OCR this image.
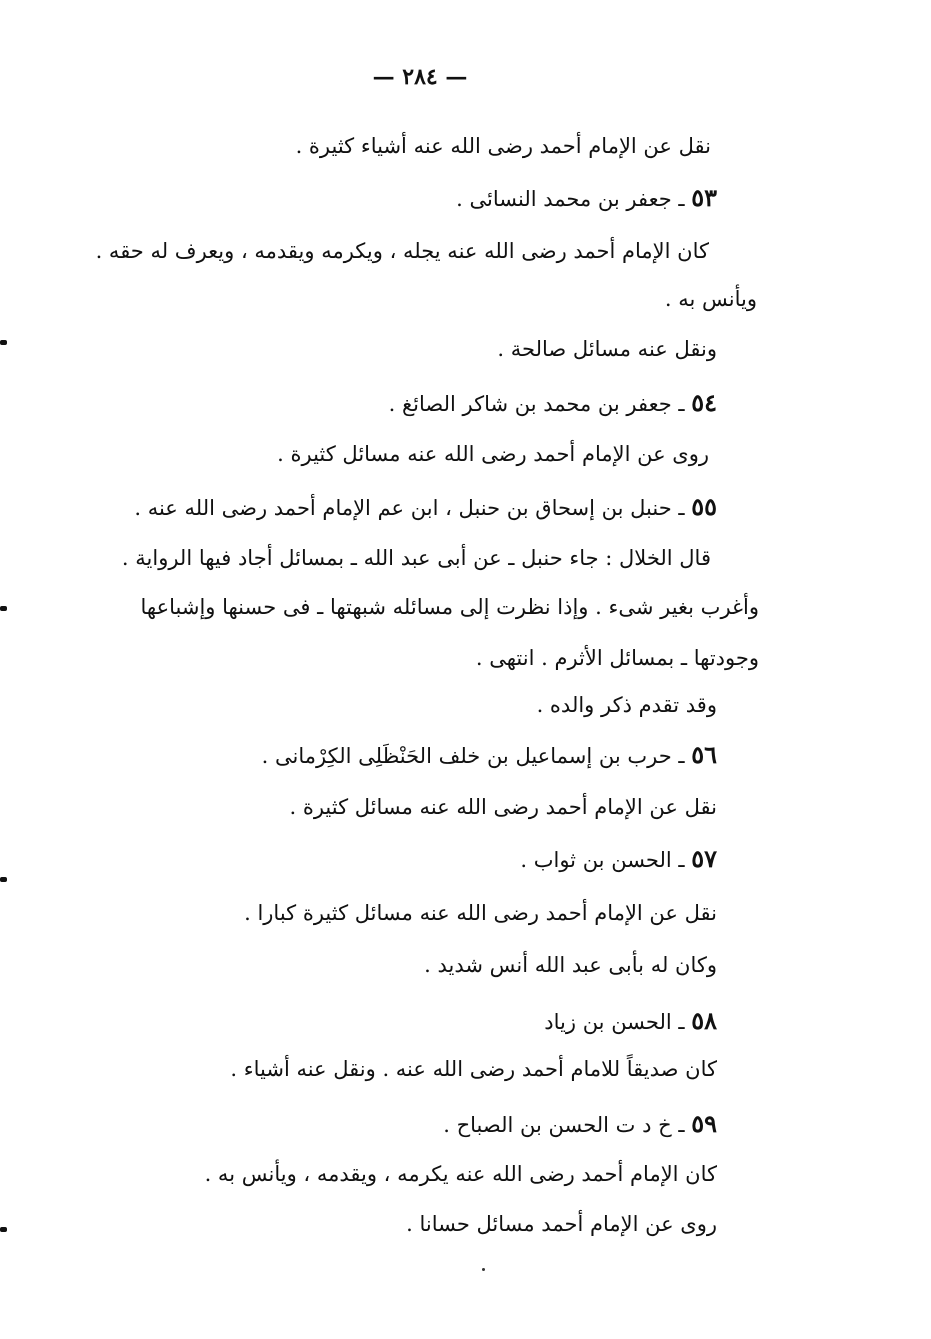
— ٢٨٤ —
نقل عن الإمام أحمد رضى الله عنه أشياء كثيرة .
٥٣ ـ جعفر بن محمد النسائى .
كان الإمام أحمد رضى الله عنه يجله ، ويكرمه ويقدمه ، ويعرف له حقه .
ويأنس به .
ونقل عنه مسائل صالحة .
٥٤ ـ جعفر بن محمد بن شاكر الصائغ .
روى عن الإمام أحمد رضى الله عنه مسائل كثيرة .
٥٥ ـ حنبل بن إسحاق بن حنبل ، ابن عم الإمام أحمد رضى الله عنه .
قال الخلال : جاء حنبل ـ عن أبى عبد الله ـ بمسائل أجاد فيها الرواية .
وأغرب بغير شىء . وإذا نظرت إلى مسائله شبهتها ـ فى حسنها وإشباعها
وجودتها ـ بمسائل الأثرم . انتهى .
وقد تقدم ذكر والده .
٥٦ ـ حرب بن إسماعيل بن خلف الحَنْظَلِى الكِرْمانى .
نقل عن الإمام أحمد رضى الله عنه مسائل كثيرة .
٥٧ ـ الحسن بن ثواب .
نقل عن الإمام أحمد رضى الله عنه مسائل كثيرة كبارا .
وكان له بأبى عبد الله أنس شديد .
٥٨ ـ الحسن بن زياد
كان صديقاً للامام أحمد رضى الله عنه . ونقل عنه أشياء .
٥٩ ـ خ د ت الحسن بن الصباح .
كان الإمام أحمد رضى الله عنه يكرمه ، ويقدمه ، ويأنس به .
روى عن الإمام أحمد مسائل حسانا .
